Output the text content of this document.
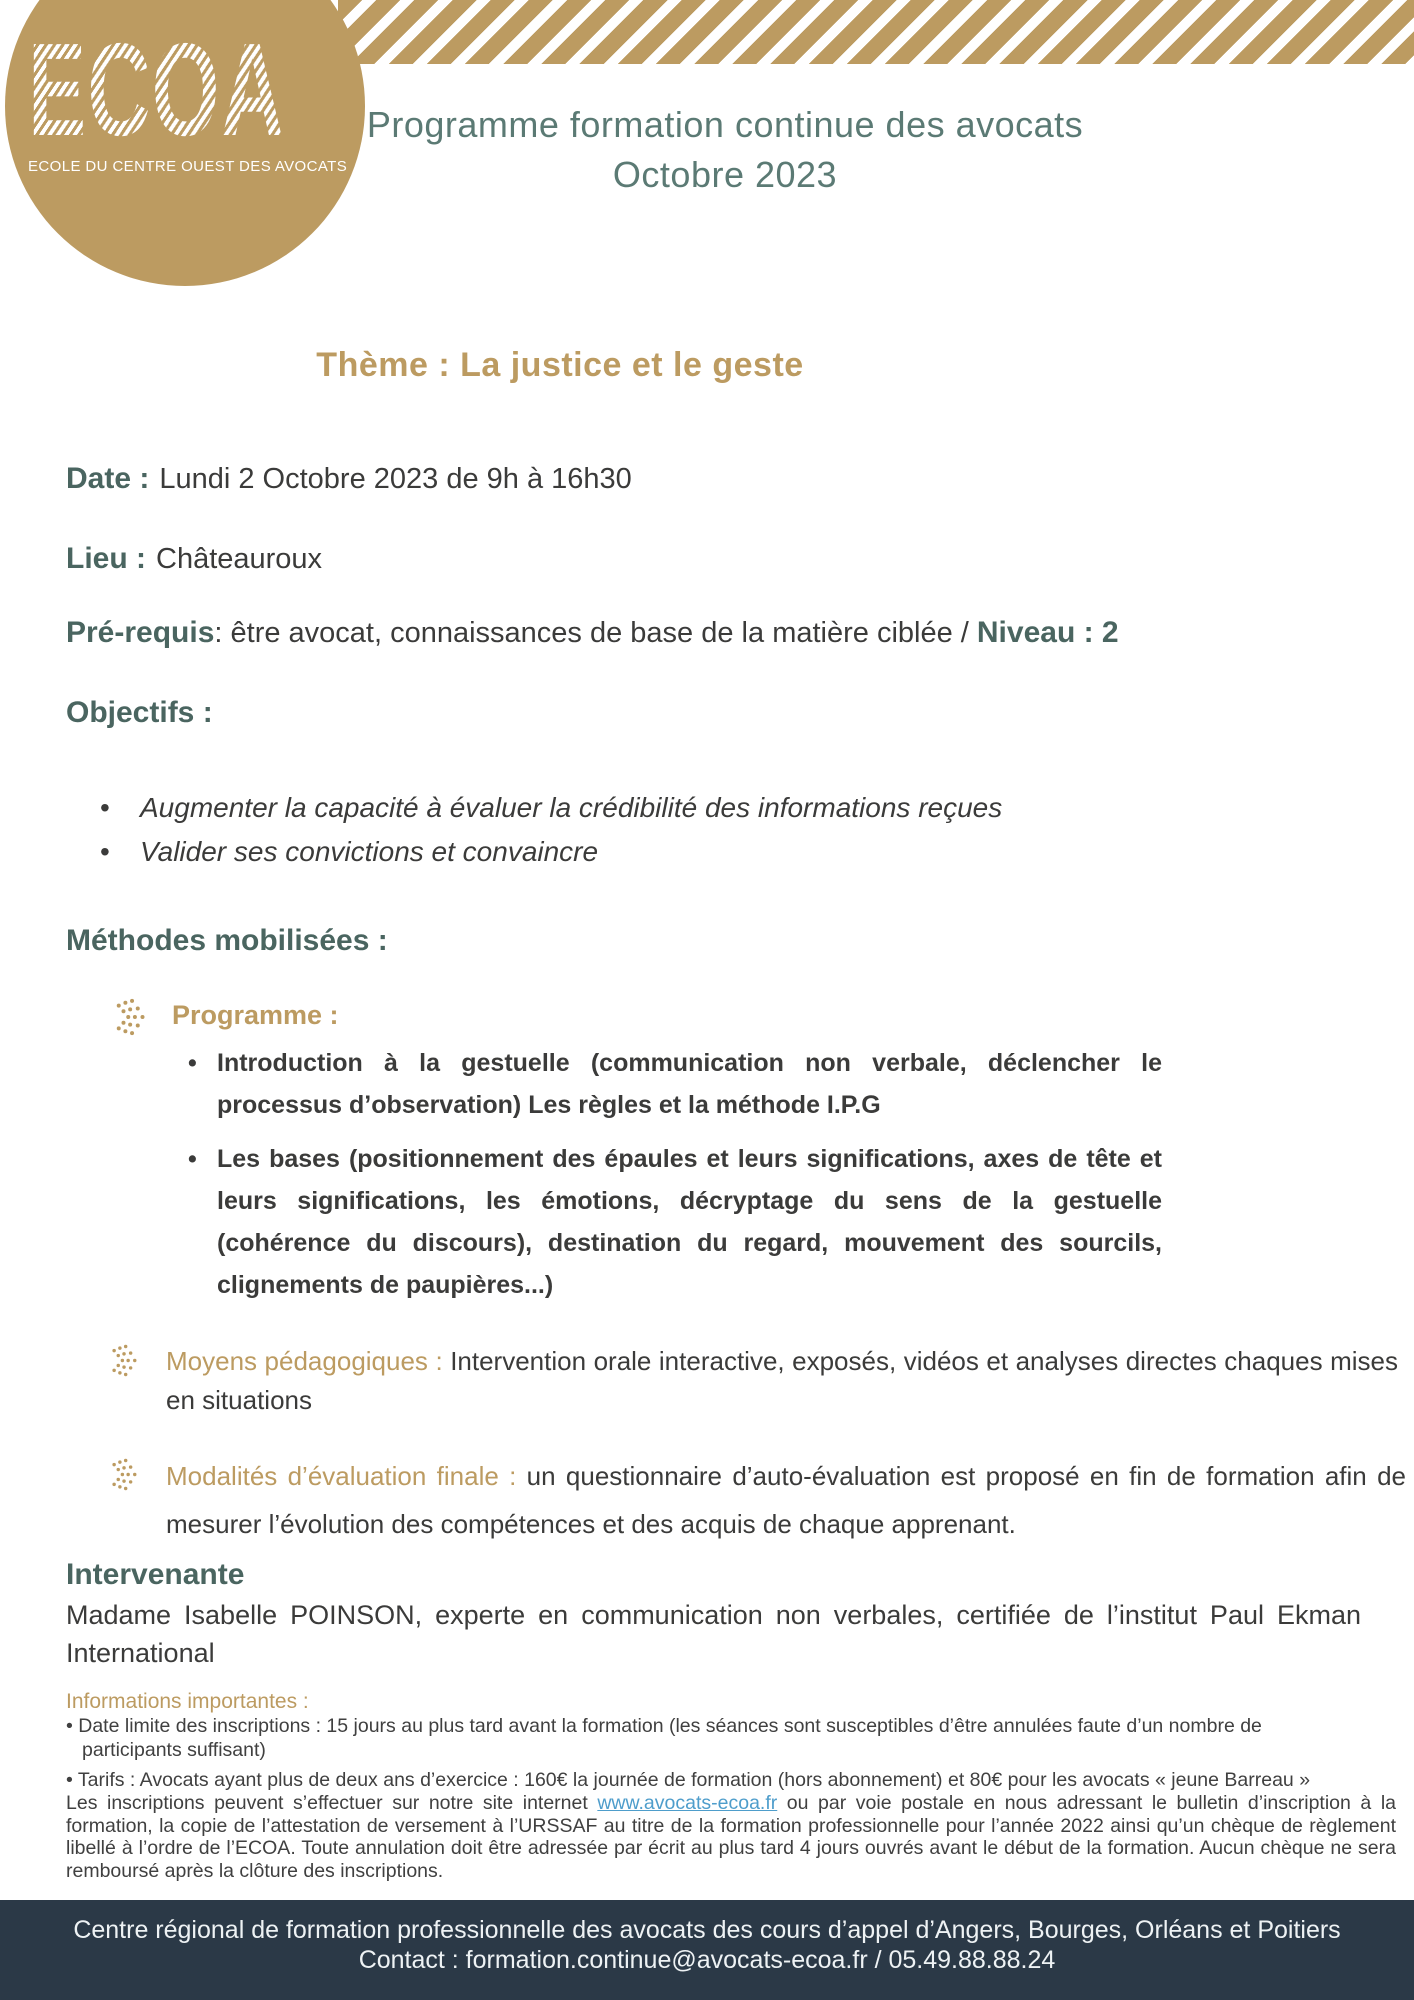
ECOA
ECOLE DU CENTRE OUEST DES AVOCATS
Programme formation continue des avocats
Octobre 2023
Thème : La justice et le geste
Date : Lundi 2 Octobre 2023 de 9h à 16h30
Lieu : Châteauroux
Pré-requis: être avocat, connaissances de base de la matière ciblée / Niveau : 2
Objectifs :
• Augmenter la capacité à évaluer la crédibilité des informations reçues
• Valider ses convictions et convaincre
Méthodes mobilisées :
Programme :
• Introduction à la gestuelle (communication non verbale, déclencher le processus d’observation) Les règles et la méthode I.P.G
• Les bases (positionnement des épaules et leurs significations, axes de tête et leurs significations, les émotions, décryptage du sens de la gestuelle (cohérence du discours), destination du regard, mouvement des sourcils, clignements de paupières...)

Moyens pédagogiques : Intervention orale interactive, exposés, vidéos et analyses directes chaques mises en situations

Modalités d’évaluation finale : un questionnaire d’auto-évaluation est proposé en fin de formation afin de mesurer l’évolution des compétences et des acquis de chaque apprenant.

Intervenante

Madame Isabelle POINSON, experte en communication non verbales, certifiée de l’institut Paul Ekman International

Informations importantes :

• Date limite des inscriptions : 15 jours au plus tard avant la formation (les séances sont susceptibles d’être annulées faute d’un nombre de participants suffisant)

• Tarifs : Avocats ayant plus de deux ans d’exercice : 160€ la journée de formation (hors abonnement) et 80€ pour les avocats « jeune Barreau »

Les inscriptions peuvent s’effectuer sur notre site internet www.avocats-ecoa.fr ou par voie postale en nous adressant le bulletin d’inscription à la formation, la copie de l’attestation de versement à l’URSSAF au titre de la formation professionnelle pour l’année 2022 ainsi qu’un chèque de règlement libellé à l’ordre de l’ECOA. Toute annulation doit être adressée par écrit au plus tard 4 jours ouvrés avant le début de la formation. Aucun chèque ne sera remboursé après la clôture des inscriptions.

Centre régional de formation professionnelle des avocats des cours d’appel d’Angers, Bourges, Orléans et Poitiers
Contact : formation.continue@avocats-ecoa.fr / 05.49.88.88.24
